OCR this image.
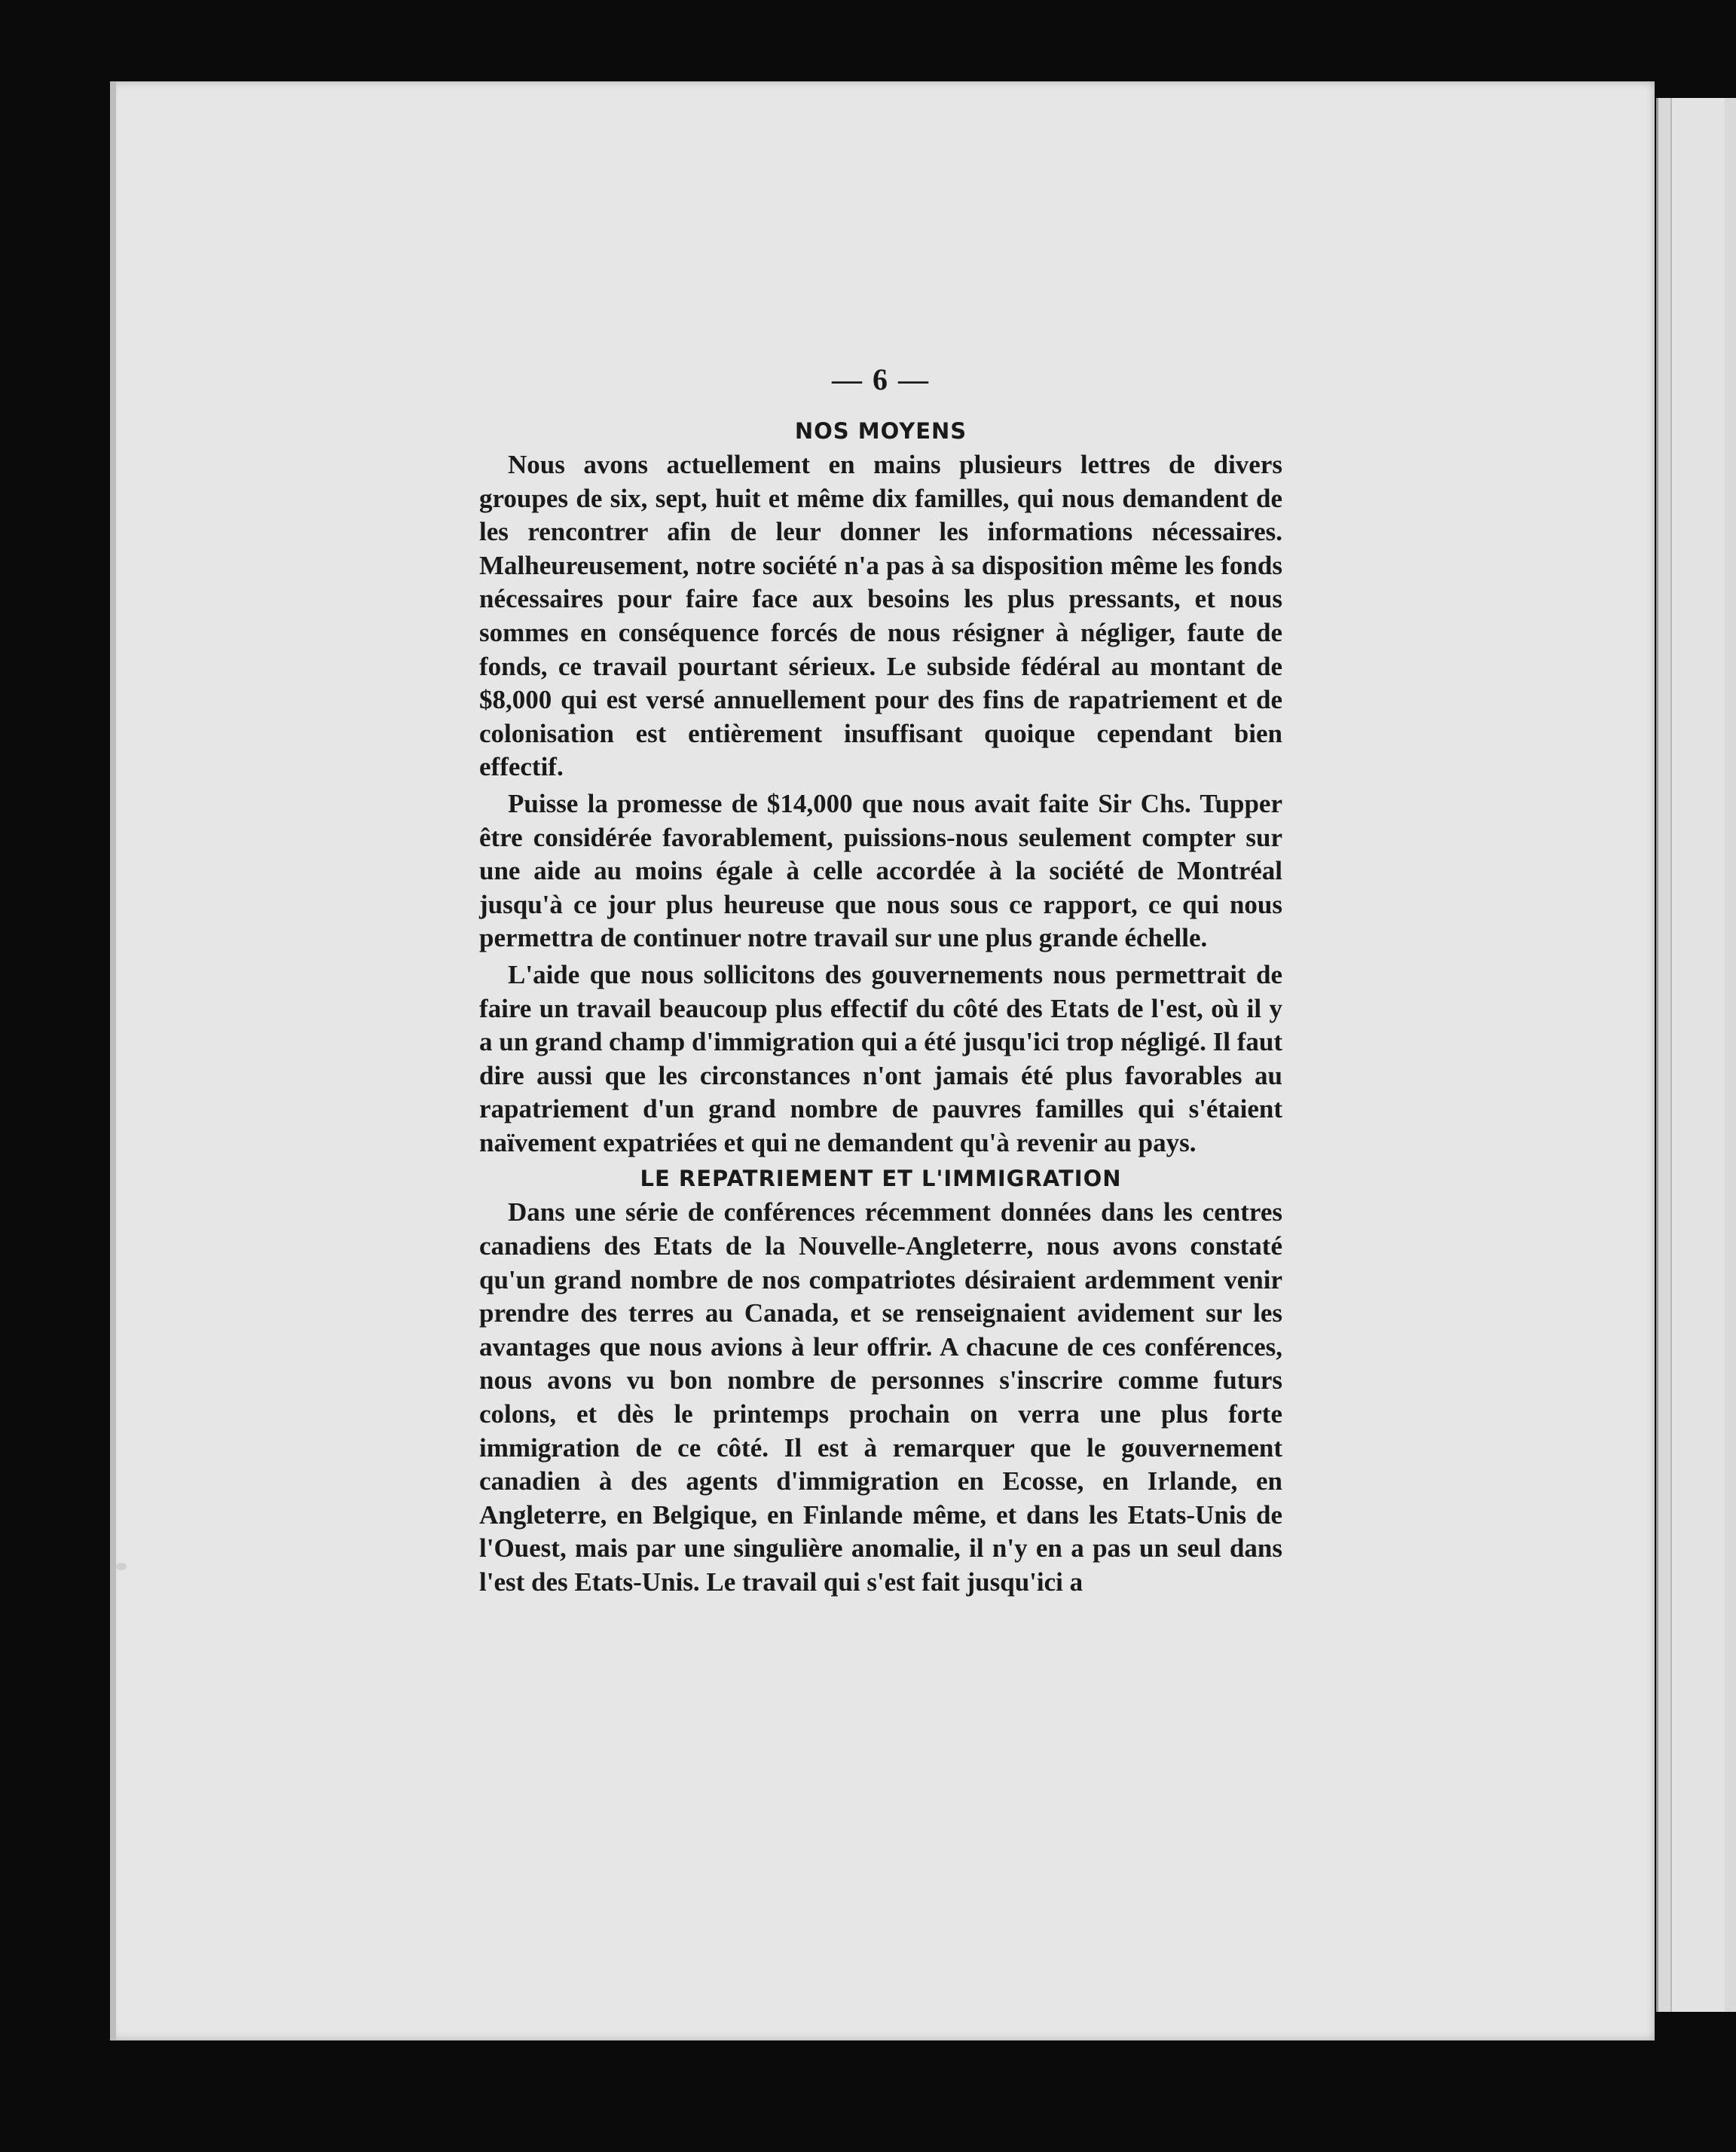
— 6 —
NOS MOYENS

Nous avons actuellement en mains plusieurs lettres de divers groupes de six, sept, huit et même dix familles, qui nous demandent de les rencontrer afin de leur donner les informations nécessaires. Malheureusement, notre société n'a pas à sa disposition même les fonds nécessaires pour faire face aux besoins les plus pressants, et nous sommes en conséquence forcés de nous résigner à négliger, faute de fonds, ce travail pourtant sérieux. Le subside fédéral au montant de $8,000 qui est versé annuellement pour des fins de rapatriement et de colonisation est entièrement insuffisant quoique cependant bien effectif.

Puisse la promesse de $14,000 que nous avait faite Sir Chs. Tupper être considérée favorablement, puissions-nous seulement compter sur une aide au moins égale à celle accordée à la société de Montréal jusqu'à ce jour plus heureuse que nous sous ce rapport, ce qui nous permettra de continuer notre travail sur une plus grande échelle.

L'aide que nous sollicitons des gouvernements nous permettrait de faire un travail beaucoup plus effectif du côté des Etats de l'est, où il y a un grand champ d'immigration qui a été jusqu'ici trop négligé. Il faut dire aussi que les circonstances n'ont jamais été plus favorables au rapatriement d'un grand nombre de pauvres familles qui s'étaient naïvement expatriées et qui ne demandent qu'à revenir au pays.

LE REPATRIEMENT ET L'IMMIGRATION

Dans une série de conférences récemment données dans les centres canadiens des Etats de la Nouvelle-Angleterre, nous avons constaté qu'un grand nombre de nos compatriotes désiraient ardemment venir prendre des terres au Canada, et se renseignaient avidement sur les avantages que nous avions à leur offrir. A chacune de ces conférences, nous avons vu bon nombre de personnes s'inscrire comme futurs colons, et dès le printemps prochain on verra une plus forte immigration de ce côté. Il est à remarquer que le gouvernement canadien à des agents d'immigration en Ecosse, en Irlande, en Angleterre, en Belgique, en Finlande même, et dans les Etats-Unis de l'Ouest, mais par une singulière anomalie, il n'y en a pas un seul dans l'est des Etats-Unis. Le travail qui s'est fait jusqu'ici a
